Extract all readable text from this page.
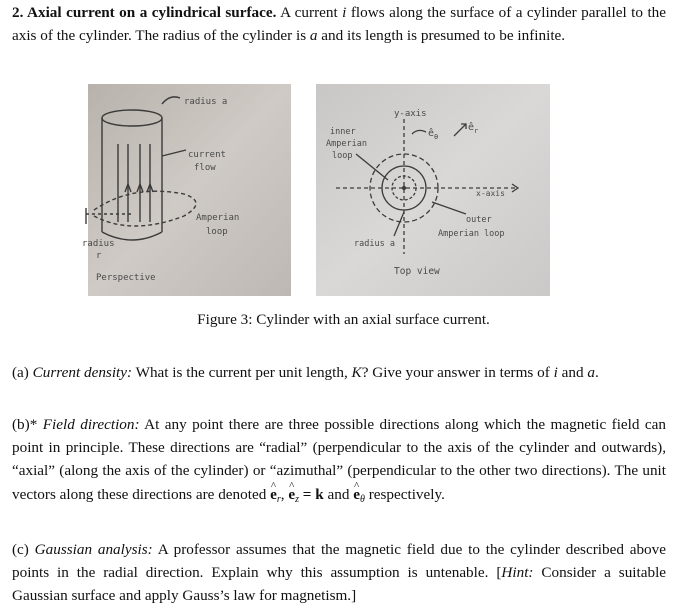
2. Axial current on a cylindrical surface. A current i flows along the surface of a cylinder parallel to the axis of the cylinder. The radius of the cylinder is a and its length is presumed to be infinite.

radius a
current
flow
Amperian
loop
radius
r
Perspective
y-axis
x-axis
inner
Amperian
loop
outer
Amperian loop
radius a
Top view
$ê_\theta$
$ê_r$
Figure 3: Cylinder with an axial surface current.

(a) Current density: What is the current per unit length, K? Give your answer in terms of i and a.

(b)* Field direction: At any point there are three possible directions along which the magnetic field can point in principle. These directions are “radial” (perpendicular to the axis of the cylinder and outwards), “axial” (along the axis of the cylinder) or “azimuthal” (perpendicular to the other two directions). The unit vectors along these directions are denoted ^ $e_r$, ^ $e_z = k$ and ^ $e_\theta$ respectively.

(c) Gaussian analysis: A professor assumes that the magnetic field due to the cylinder described above points in the radial direction. Explain why this assumption is untenable. [Hint: Consider a suitable Gaussian surface and apply Gauss’s law for magnetism.]
